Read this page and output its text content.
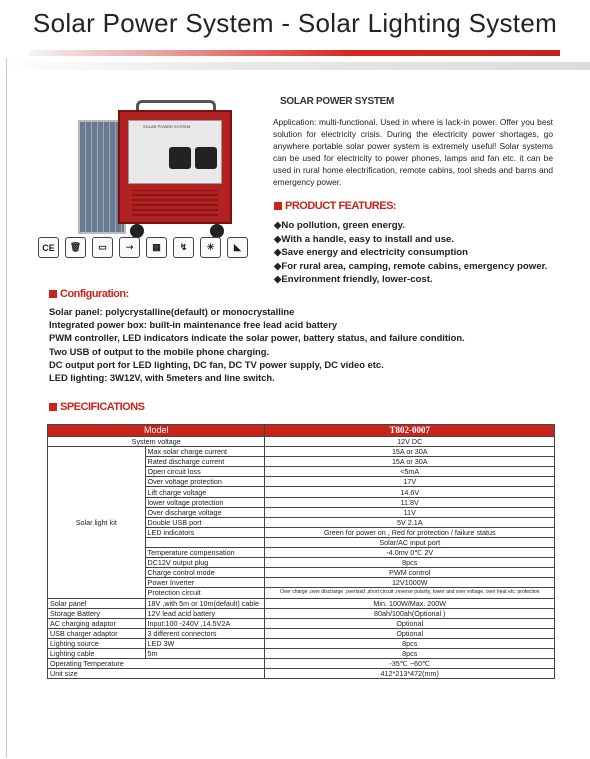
Solar Power System - Solar Lighting System
SOLAR POWER SYSTEM
CE	🗑	▭	⇾	▦	↯	☀	◣
SOLAR POWER SYSTEM
Application: multi-functional. Used in where is lack-in power. Offer you best solution for electricity crisis. During the electricity power shortages, go anywhere portable solar power system is extremely useful! Solar systems can be used for electricity to power phones, lamps and fan etc. it can be used in rural home electrification, remote cabins, tool sheds and barns and emergency power.
PRODUCT FEATURES:
◆ No pollution, green energy.
◆ With a handle, easy to install and use.
◆ Save energy and electricity consumption
◆ For rural area, camping, remote cabins, emergency power.
◆ Environment friendly, lower-cost.
Configuration:
Solar panel: polycrystalline(default) or monocrystalline
Integrated power box: built-in maintenance free lead acid battery
PWM controller, LED indicators indicate the solar power, battery status, and failure condition.
Two USB of output to the mobile phone charging.
DC output port for LED lighting, DC fan, DC TV power supply, DC video etc.
LED lighting: 3W12V, with 5meters and line switch.
SPECIFICATIONS
Model		T802-0007
System voltage		12V DC
Solar light kit	Max solar charge current	15A or 30A
	Rated discharge current	15A or 30A
	Open circuit loss	<5mA
	Over voltage protection	17V
	Lift charge voltage	14.6V
	lower voltage protection	11.8V
	Over discharge voltage	11V
	Double USB port	5V 2.1A
	LED indicators	Green for power on , Red for protection / failure status
		Solar/AC input port
	Temperature compensation	-4.0mv 0℃ 2V
	DC12V output plug	8pcs
	Charge control mode	PWM control
	Power Inverter	12V1000W
	Protection circuit	Over charge ,over discharge ,overload ,short circuit ,reverse polarity, lower and over voltage, over heat etc. protection
Solar panel	18V ,with 5m or 10m(default) cable	Min. 100W/Max. 200W
Storage Battery	12V lead acid battery	80ah/100ah(Optional )
AC charging adaptor	Input:100 -240V ,14.5V2A	Optional
USB charger adaptor	3 different connectors	Optional
Lighting source	LED 3W	8pcs
Lighting cable	5m	8pcs
Operating Temperature		-35℃ ~60℃
Unit size		412*213*472(mm)
